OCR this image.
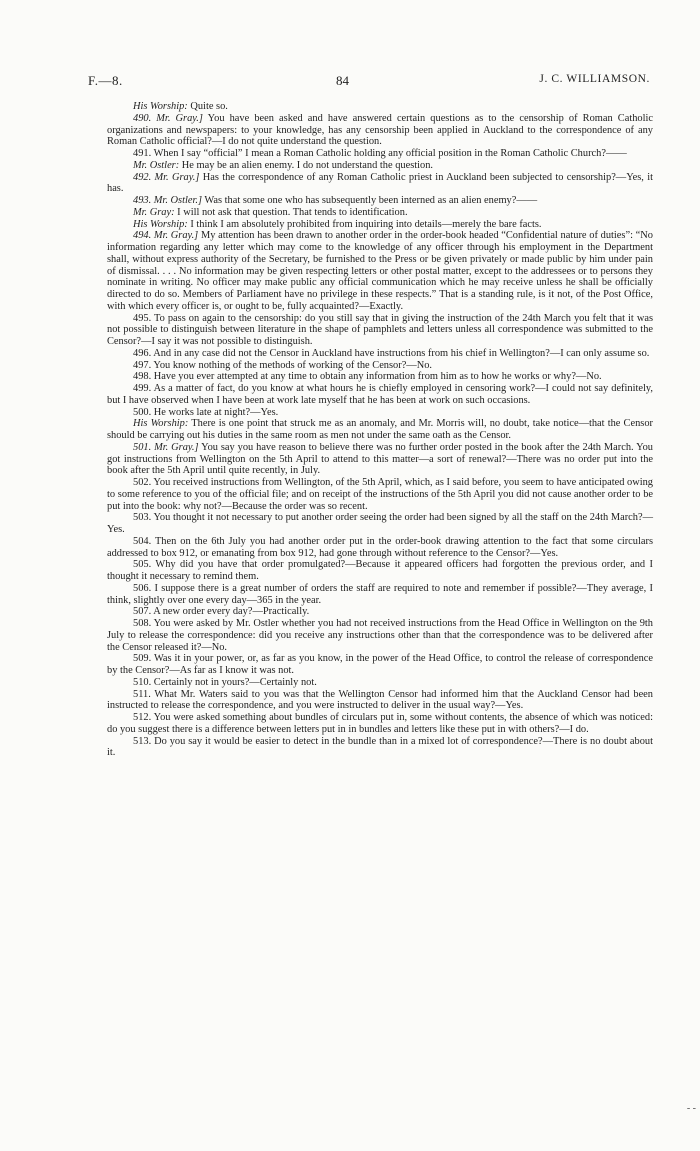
F.—8.	84	J. C. WILLIAMSON.

His Worship: Quite so.

490. Mr. Gray.] You have been asked and have answered certain questions as to the censorship of Roman Catholic organizations and newspapers: to your knowledge, has any censorship been applied in Auckland to the correspondence of any Roman Catholic official?—I do not quite understand the question.

491. When I say “official” I mean a Roman Catholic holding any official position in the Roman Catholic Church?——

Mr. Ostler: He may be an alien enemy. I do not understand the question.

492. Mr. Gray.] Has the correspondence of any Roman Catholic priest in Auckland been subjected to censorship?—Yes, it has.

493. Mr. Ostler.] Was that some one who has subsequently been interned as an alien enemy?——

Mr. Gray: I will not ask that question. That tends to identification.

His Worship: I think I am absolutely prohibited from inquiring into details—merely the bare facts.

494. Mr. Gray.] My attention has been drawn to another order in the order-book headed “Confidential nature of duties”: “No information regarding any letter which may come to the knowledge of any officer through his employment in the Department shall, without express authority of the Secretary, be furnished to the Press or be given privately or made public by him under pain of dismissal. . . . No information may be given respecting letters or other postal matter, except to the addressees or to persons they nominate in writing. No officer may make public any official communication which he may receive unless he shall be officially directed to do so. Members of Parliament have no privilege in these respects.” That is a standing rule, is it not, of the Post Office, with which every officer is, or ought to be, fully acquainted?—Exactly.

495. To pass on again to the censorship: do you still say that in giving the instruction of the 24th March you felt that it was not possible to distinguish between literature in the shape of pamphlets and letters unless all correspondence was submitted to the Censor?—I say it was not possible to distinguish.

496. And in any case did not the Censor in Auckland have instructions from his chief in Wellington?—I can only assume so.

497. You know nothing of the methods of working of the Censor?—No.

498. Have you ever attempted at any time to obtain any information from him as to how he works or why?—No.

499. As a matter of fact, do you know at what hours he is chiefly employed in censoring work?—I could not say definitely, but I have observed when I have been at work late myself that he has been at work on such occasions.

500. He works late at night?—Yes.

His Worship: There is one point that struck me as an anomaly, and Mr. Morris will, no doubt, take notice—that the Censor should be carrying out his duties in the same room as men not under the same oath as the Censor.

501. Mr. Gray.] You say you have reason to believe there was no further order posted in the book after the 24th March. You got instructions from Wellington on the 5th April to attend to this matter—a sort of renewal?—There was no order put into the book after the 5th April until quite recently, in July.

502. You received instructions from Wellington, of the 5th April, which, as I said before, you seem to have anticipated owing to some reference to you of the official file; and on receipt of the instructions of the 5th April you did not cause another order to be put into the book: why not?—Because the order was so recent.

503. You thought it not necessary to put another order seeing the order had been signed by all the staff on the 24th March?—Yes.

504. Then on the 6th July you had another order put in the order-book drawing attention to the fact that some circulars addressed to box 912, or emanating from box 912, had gone through without reference to the Censor?—Yes.

505. Why did you have that order promulgated?—Because it appeared officers had forgotten the previous order, and I thought it necessary to remind them.

506. I suppose there is a great number of orders the staff are required to note and remember if possible?—They average, I think, slightly over one every day—365 in the year.

507. A new order every day?—Practically.

508. You were asked by Mr. Ostler whether you had not received instructions from the Head Office in Wellington on the 9th July to release the correspondence: did you receive any instructions other than that the correspondence was to be delivered after the Censor released it?—No.

509. Was it in your power, or, as far as you know, in the power of the Head Office, to control the release of correspondence by the Censor?—As far as I know it was not.

510. Certainly not in yours?—Certainly not.

511. What Mr. Waters said to you was that the Wellington Censor had informed him that the Auckland Censor had been instructed to release the correspondence, and you were instructed to deliver in the usual way?—Yes.

512. You were asked something about bundles of circulars put in, some without contents, the absence of which was noticed: do you suggest there is a difference between letters put in in bundles and letters like these put in with others?—I do.

513. Do you say it would be easier to detect in the bundle than in a mixed lot of correspondence?—There is no doubt about it.

- -
